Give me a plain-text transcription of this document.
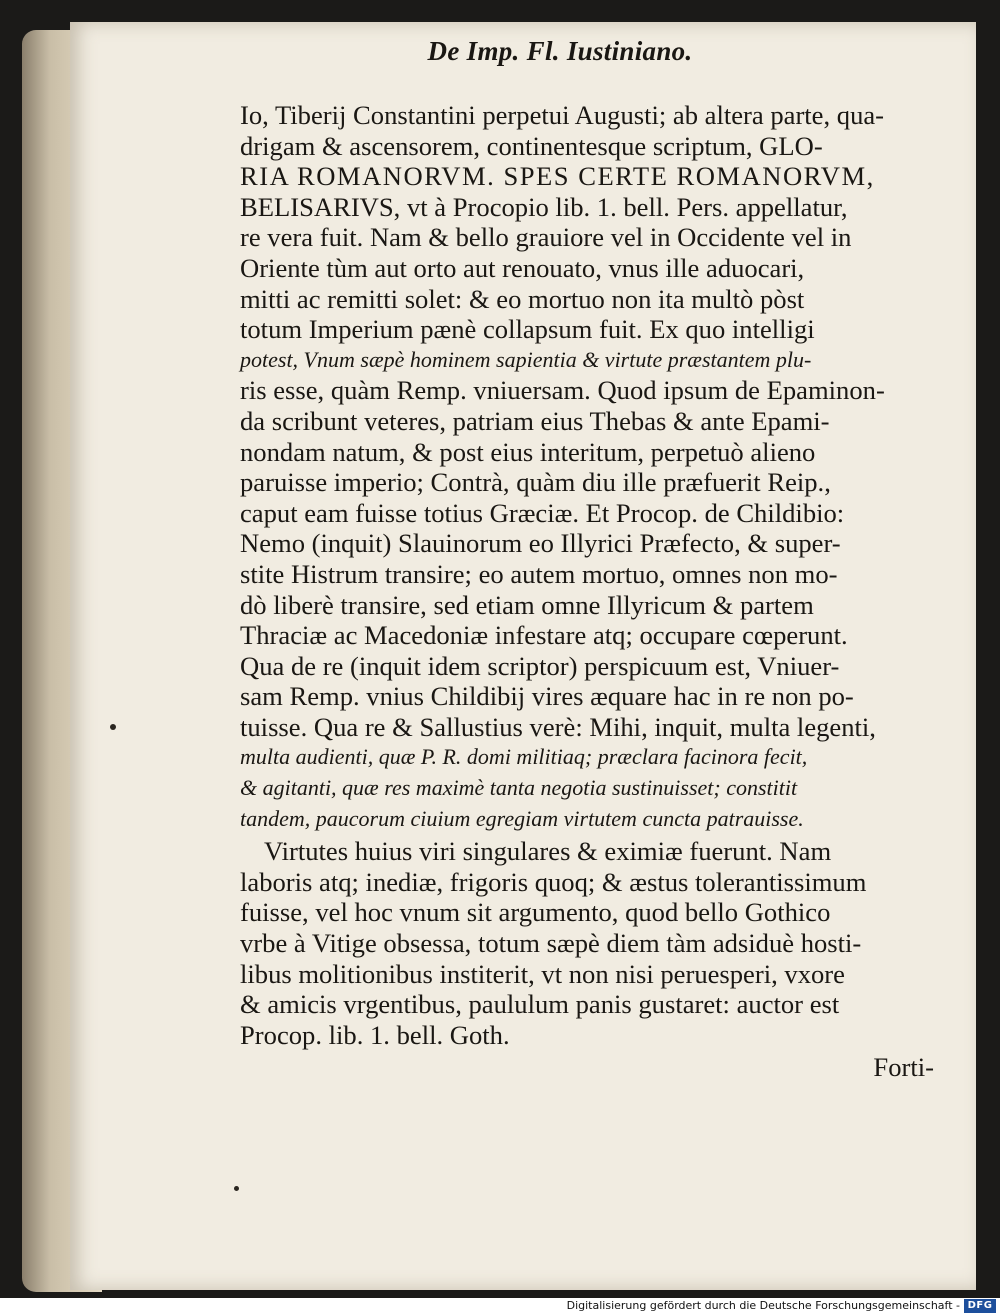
De Imp. Fl. Iustiniano.
Io, Tiberij Constantini perpetui Augusti; ab altera parte, qua-
drigam & ascensorem, continentesque scriptum, GLO-
RIA ROMANORVM. SPES CERTE ROMANORVM,
BELISARIVS, vt à Procopio lib. 1. bell. Pers. appellatur,
re vera fuit. Nam & bello grauiore vel in Occidente vel in
Oriente tùm aut orto aut renouato, vnus ille aduocari,
mitti ac remitti solet: & eo mortuo non ita multò pòst
totum Imperium pænè collapsum fuit. Ex quo intelligi
potest, Vnum sæpè hominem sapientia & virtute præstantem plu-
ris esse, quàm Remp. vniuersam. Quod ipsum de Epaminon-
da scribunt veteres, patriam eius Thebas & ante Epami-
nondam natum, & post eius interitum, perpetuò alieno
paruisse imperio; Contrà, quàm diu ille præfuerit Reip.,
caput eam fuisse totius Græciæ. Et Procop. de Childibio:
Nemo (inquit) Slauinorum eo Illyrici Præfecto, & super-
stite Histrum transire; eo autem mortuo, omnes non mo-
dò liberè transire, sed etiam omne Illyricum & partem
Thraciæ ac Macedoniæ infestare atq; occupare cœperunt.
Qua de re (inquit idem scriptor) perspicuum est, Vniuer-
sam Remp. vnius Childibij vires æquare hac in re non po-
tuisse. Qua re & Sallustius verè: Mihi, inquit, multa legenti,
multa audienti, quæ P. R. domi militiaq; præclara facinora fecit,
& agitanti, quæ res maximè tanta negotia sustinuisset; constitit
tandem, paucorum ciuium egregiam virtutem cuncta patrauisse.
Virtutes huius viri singulares & eximiæ fuerunt. Nam
laboris atq; inediæ, frigoris quoq; & æstus tolerantissimum
fuisse, vel hoc vnum sit argumento, quod bello Gothico
vrbe à Vitige obsessa, totum sæpè diem tàm adsiduè hosti-
libus molitionibus institerit, vt non nisi peruesperi, vxore
& amicis vrgentibus, paululum panis gustaret: auctor est
Procop. lib. 1. bell. Goth.
Forti-
Digitalisierung gefördert durch die Deutsche Forschungsgemeinschaft - DFG
